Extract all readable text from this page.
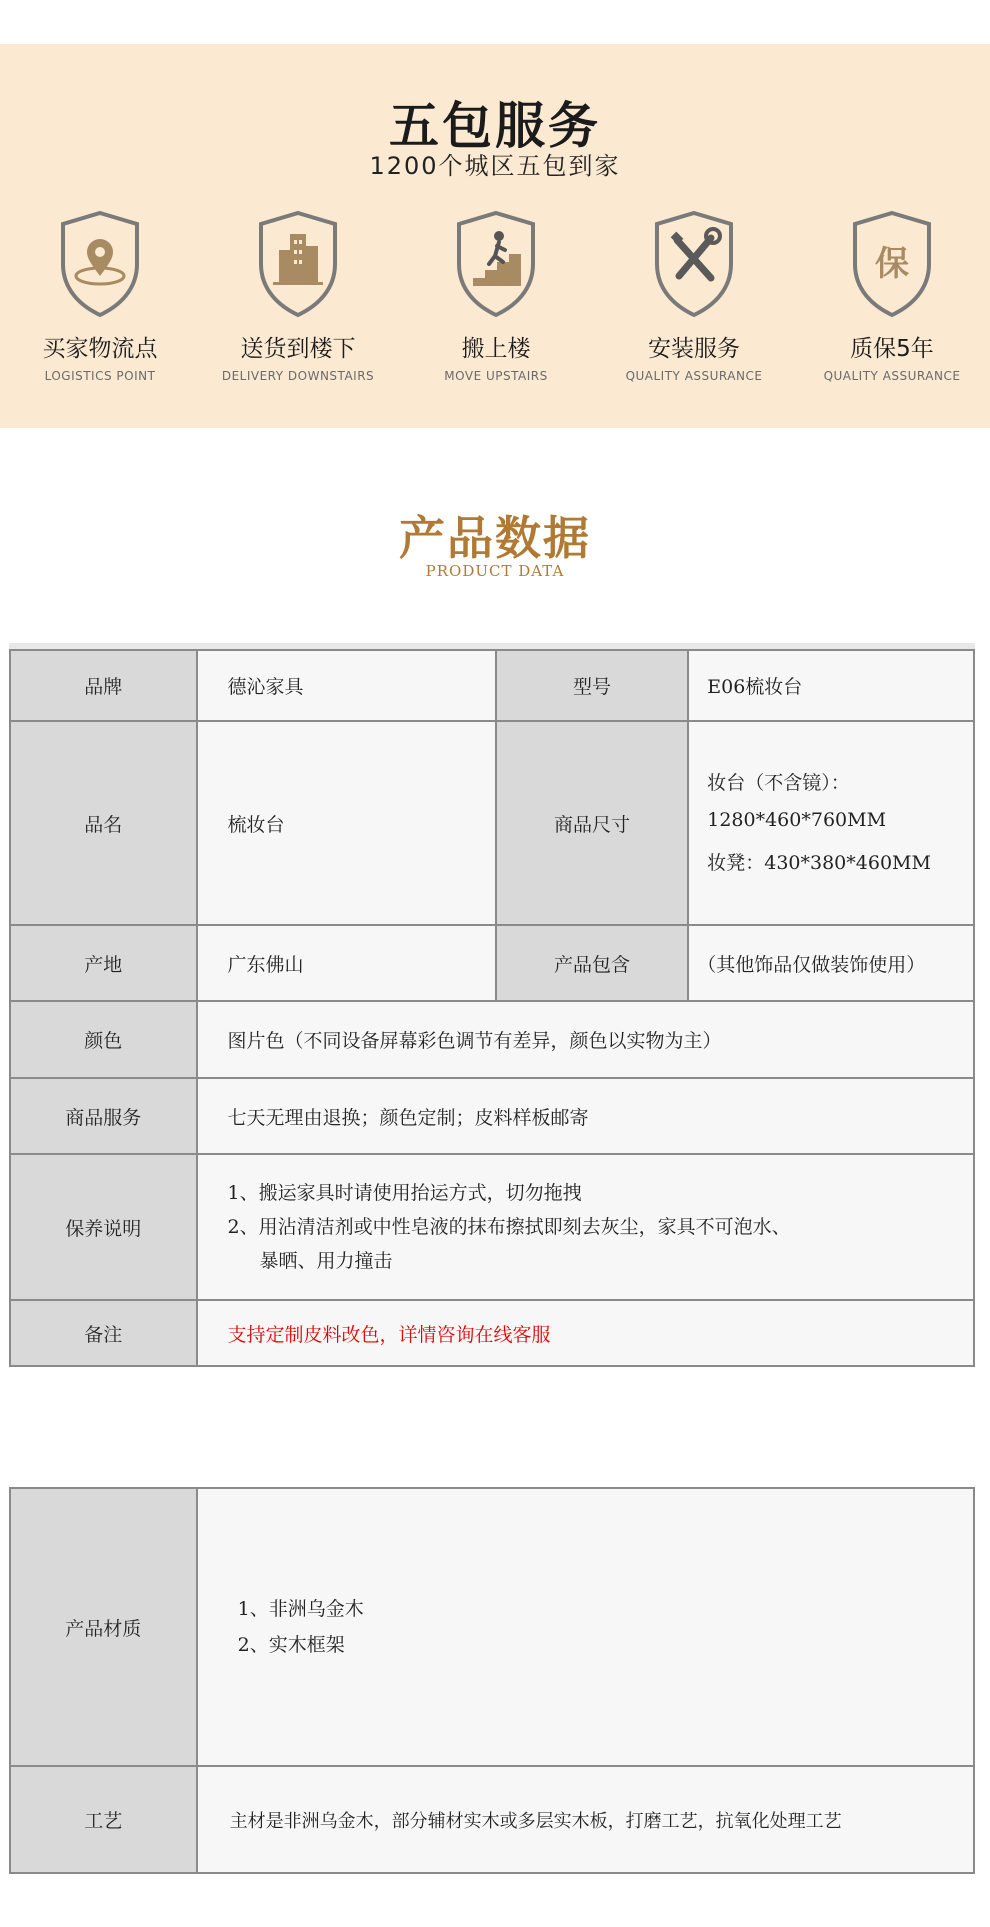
五包服务
1200个城区五包到家
买家物流点
LOGISTICS POINT
送货到楼下
DELIVERY DOWNSTAIRS
搬上楼
MOVE UPSTAIRS
安装服务
QUALITY ASSURANCE
保
质保5年
QUALITY ASSURANCE
产品数据
PRODUCT DATA
品牌	德沁家具	型号	E06梳妆台
品名	梳妆台	商品尺寸	妆台（不含镜）：
1280*460*760MM
妆凳：430*380*460MM

产地	广东佛山	产品包含	（其他饰品仅做装饰使用）
颜色	图片色（不同设备屏幕彩色调节有差异，颜色以实物为主）		
商品服务	七天无理由退换；颜色定制；皮料样板邮寄		
保养说明	1、搬运家具时请使用抬运方式，切勿拖拽
2、用沾清洁剂或中性皂液的抹布擦拭即刻去灰尘，家具不可泡水、
暴晒、用力撞击		

备注	支持定制皮料改色，详情咨询在线客服		
产品材质	1、非洲乌金木
2、实木框架

工艺	主材是非洲乌金木，部分辅材实木或多层实木板，打磨工艺，抗氧化处理工艺
